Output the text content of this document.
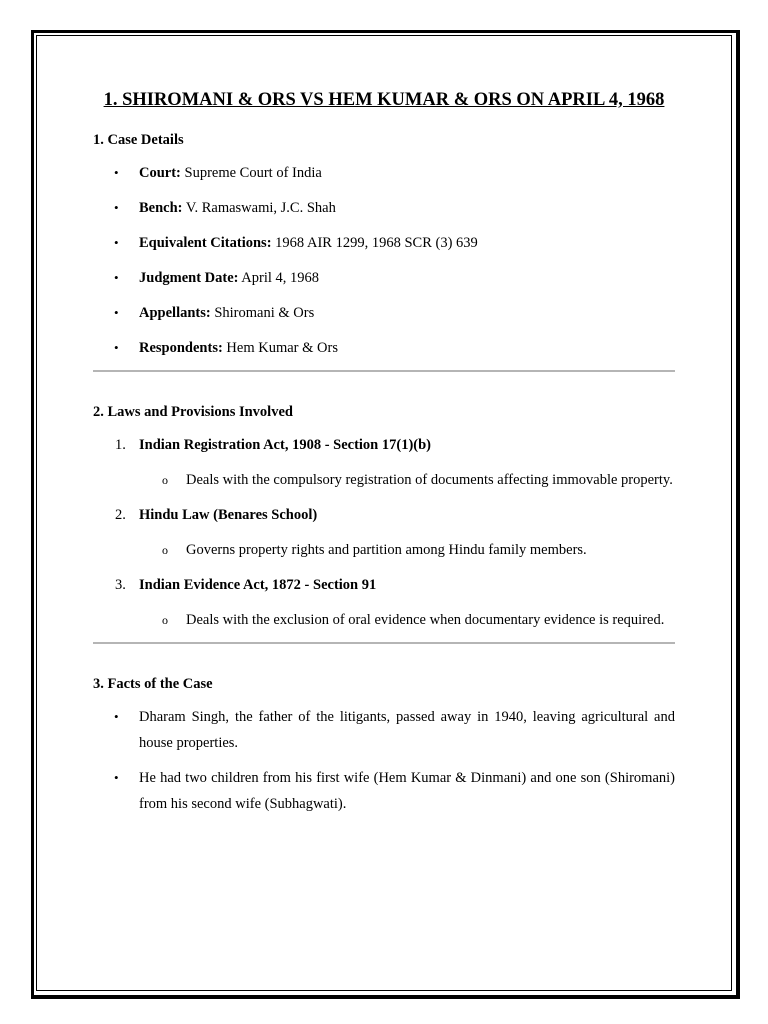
1. SHIROMANI & ORS VS HEM KUMAR & ORS ON APRIL 4, 1968

1. Case Details

• Court: Supreme Court of India
• Bench: V. Ramaswami, J.C. Shah
• Equivalent Citations: 1968 AIR 1299, 1968 SCR (3) 639
• Judgment Date: April 4, 1968
• Appellants: Shiromani & Ors
• Respondents: Hem Kumar & Ors

2. Laws and Provisions Involved

1. Indian Registration Act, 1908 - Section 17(1)(b)
o Deals with the compulsory registration of documents affecting immovable property.
2. Hindu Law (Benares School)
o Governs property rights and partition among Hindu family members.
3. Indian Evidence Act, 1872 - Section 91
o Deals with the exclusion of oral evidence when documentary evidence is required.

3. Facts of the Case

• Dharam Singh, the father of the litigants, passed away in 1940, leaving agricultural and house properties.
• He had two children from his first wife (Hem Kumar & Dinmani) and one son (Shiromani) from his second wife (Subhagwati).
